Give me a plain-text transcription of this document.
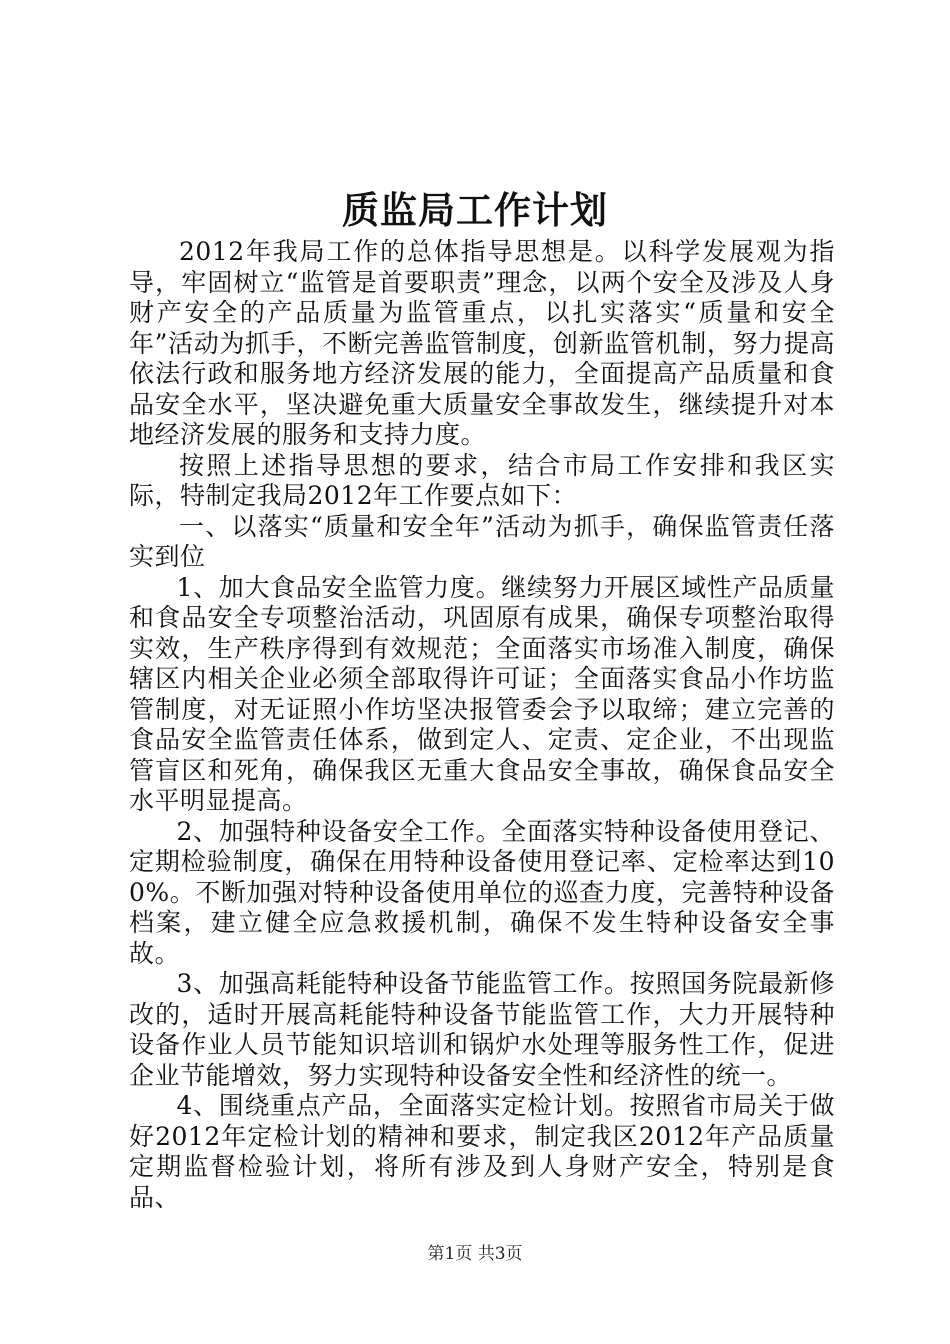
质监局工作计划

2012年我局工作的总体指导思想是。以科学发展观为指导，牢固树立“监管是首要职责”理念，以两个安全及涉及人身财产安全的产品质量为监管重点，以扎实落实“质量和安全年”活动为抓手，不断完善监管制度，创新监管机制，努力提高依法行政和服务地方经济发展的能力，全面提高产品质量和食品安全水平，坚决避免重大质量安全事故发生，继续提升对本地经济发展的服务和支持力度。

按照上述指导思想的要求，结合市局工作安排和我区实际，特制定我局2012年工作要点如下：

一、以落实“质量和安全年”活动为抓手，确保监管责任落实到位

1、加大食品安全监管力度。继续努力开展区域性产品质量和食品安全专项整治活动，巩固原有成果，确保专项整治取得实效，生产秩序得到有效规范；全面落实市场准入制度，确保辖区内相关企业必须全部取得许可证；全面落实食品小作坊监管制度，对无证照小作坊坚决报管委会予以取缔；建立完善的食品安全监管责任体系，做到定人、定责、定企业，不出现监管盲区和死角，确保我区无重大食品安全事故，确保食品安全水平明显提高。

2、加强特种设备安全工作。全面落实特种设备使用登记、定期检验制度，确保在用特种设备使用登记率、定检率达到100%。不断加强对特种设备使用单位的巡查力度，完善特种设备档案，建立健全应急救援机制，确保不发生特种设备安全事故。

3、加强高耗能特种设备节能监管工作。按照国务院最新修改的，适时开展高耗能特种设备节能监管工作，大力开展特种设备作业人员节能知识培训和锅炉水处理等服务性工作，促进企业节能增效，努力实现特种设备安全性和经济性的统一。

4、围绕重点产品，全面落实定检计划。按照省市局关于做好2012年定检计划的精神和要求，制定我区2012年产品质量定期监督检验计划，将所有涉及到人身财产安全，特别是食品、

第1页 共3页
